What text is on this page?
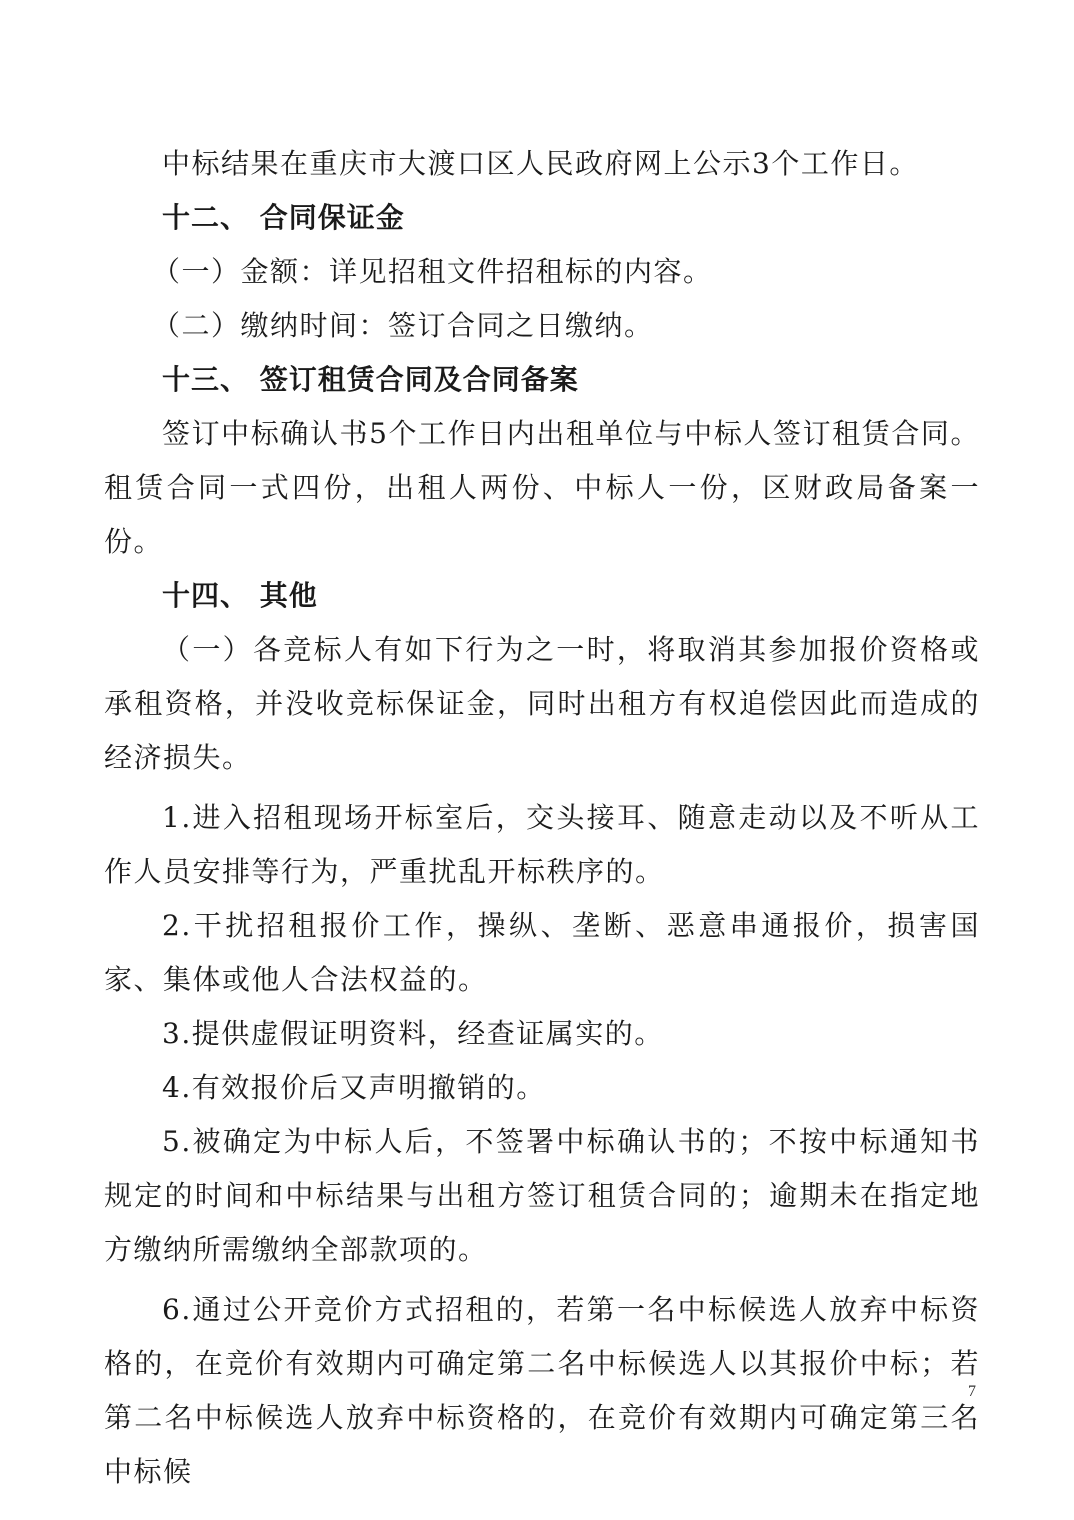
中标结果在重庆市大渡口区人民政府网上公示3个工作日。

十二、 合同保证金

（一）金额：详见招租文件招租标的内容。

（二）缴纳时间：签订合同之日缴纳。

十三、 签订租赁合同及合同备案

签订中标确认书5个工作日内出租单位与中标人签订租赁合同。租赁合同一式四份，出租人两份、中标人一份，区财政局备案一份。

十四、 其他

（一）各竞标人有如下行为之一时，将取消其参加报价资格或承租资格，并没收竞标保证金，同时出租方有权追偿因此而造成的经济损失。

1.进入招租现场开标室后，交头接耳、随意走动以及不听从工作人员安排等行为，严重扰乱开标秩序的。

2.干扰招租报价工作，操纵、垄断、恶意串通报价，损害国家、集体或他人合法权益的。

3.提供虚假证明资料，经查证属实的。

4.有效报价后又声明撤销的。

5.被确定为中标人后，不签署中标确认书的；不按中标通知书规定的时间和中标结果与出租方签订租赁合同的；逾期未在指定地方缴纳所需缴纳全部款项的。

6.通过公开竞价方式招租的，若第一名中标候选人放弃中标资格的，在竞价有效期内可确定第二名中标候选人以其报价中标；若第二名中标候选人放弃中标资格的，在竞价有效期内可确定第三名中标候

7
